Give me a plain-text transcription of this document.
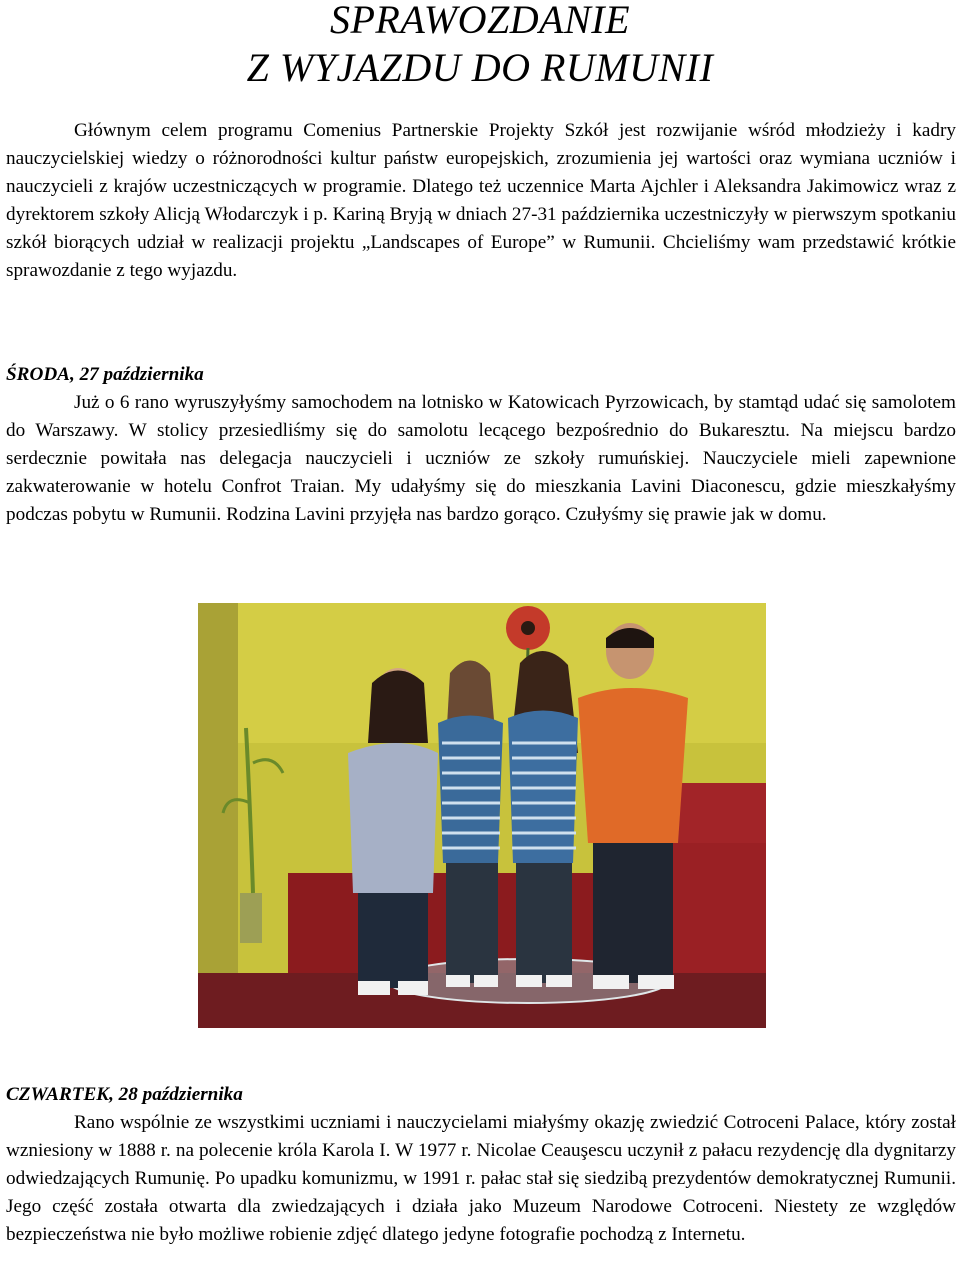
SPRAWOZDANIE
Z WYJAZDU DO RUMUNII

Głównym celem programu Comenius Partnerskie Projekty Szkół jest rozwijanie wśród młodzieży i kadry nauczycielskiej wiedzy o różnorodności kultur państw europejskich, zrozumienia jej wartości oraz wymiana uczniów i nauczycieli z krajów uczestniczących w programie. Dlatego też uczennice Marta Ajchler i Aleksandra Jakimowicz wraz z dyrektorem szkoły Alicją Włodarczyk i p. Kariną Bryją w dniach 27-31 października uczestniczyły w pierwszym spotkaniu szkół biorących udział w realizacji projektu „Landscapes of Europe” w Rumunii. Chcieliśmy wam przedstawić krótkie sprawozdanie z tego wyjazdu.

ŚRODA, 27 października

Już o 6 rano wyruszyłyśmy samochodem na lotnisko w Katowicach Pyrzowicach, by stamtąd udać się samolotem do Warszawy. W stolicy przesiedliśmy się do samolotu lecącego bezpośrednio do Bukaresztu. Na miejscu bardzo serdecznie powitała nas delegacja nauczycieli i uczniów ze szkoły rumuńskiej. Nauczyciele mieli zapewnione zakwaterowanie w hotelu Confrot Traian. My udałyśmy się do mieszkania Lavini Diaconescu, gdzie mieszkałyśmy podczas pobytu w Rumunii. Rodzina Lavini przyjęła nas bardzo gorąco. Czułyśmy się prawie jak w domu.

CZWARTEK, 28 października

Rano wspólnie ze wszystkimi uczniami i nauczycielami miałyśmy okazję zwiedzić Cotroceni Palace, który został wzniesiony w 1888 r. na polecenie króla Karola I. W 1977 r. Nicolae Ceauşescu uczynił z pałacu rezydencję dla dygnitarzy odwiedzających Rumunię. Po upadku komunizmu, w 1991 r. pałac stał się siedzibą prezydentów demokratycznej Rumunii. Jego część została otwarta dla zwiedzających i działa jako Muzeum Narodowe Cotroceni. Niestety ze względów bezpieczeństwa nie było możliwe robienie zdjęć dlatego jedyne fotografie pochodzą z Internetu.
